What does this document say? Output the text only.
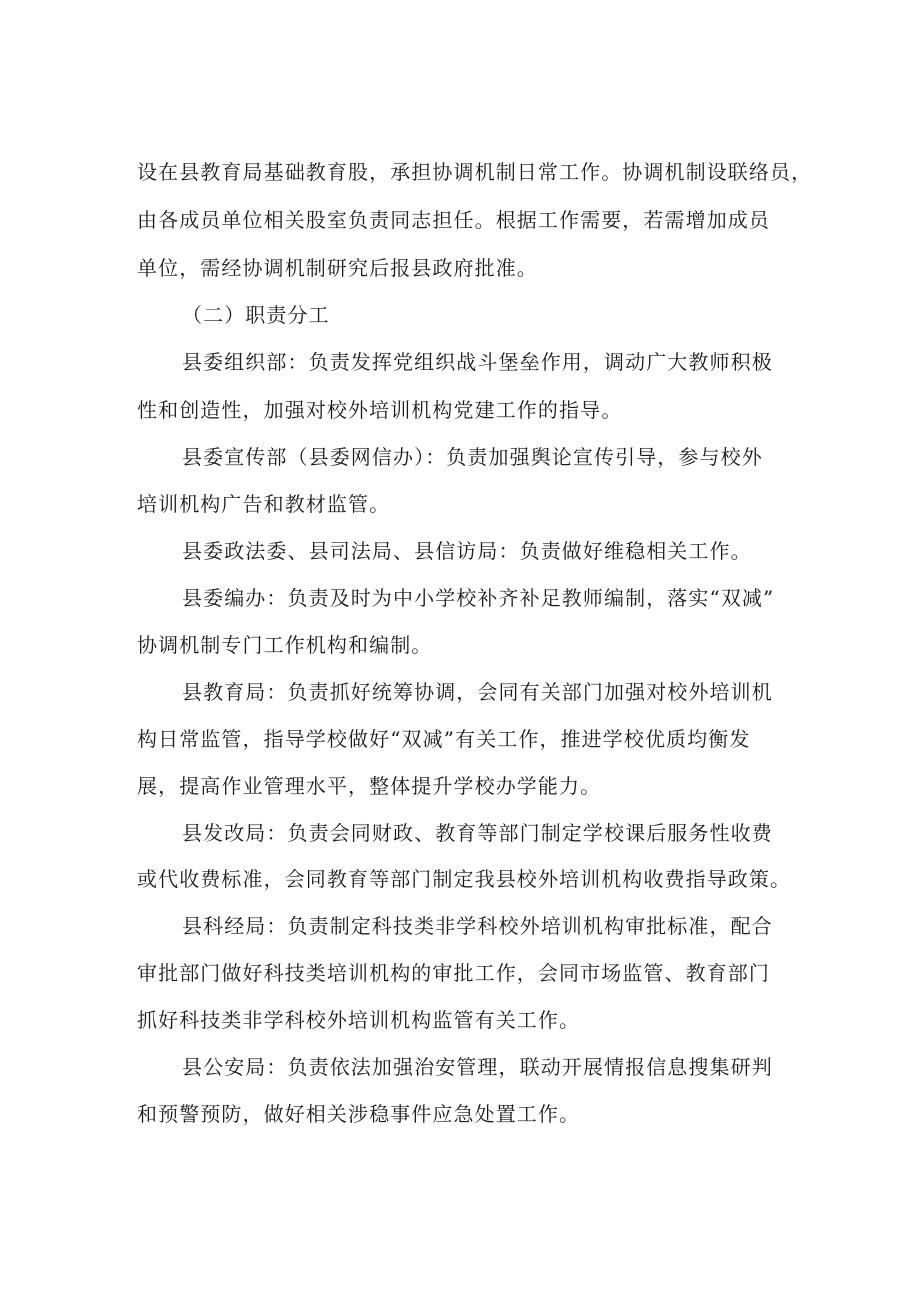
设在县教育局基础教育股，承担协调机制日常工作。协调机制设联络员，
由各成员单位相关股室负责同志担任。根据工作需要，若需增加成员
单位，需经协调机制研究后报县政府批准。
（二）职责分工
县委组织部：负责发挥党组织战斗堡垒作用，调动广大教师积极
性和创造性，加强对校外培训机构党建工作的指导。
县委宣传部（县委网信办）：负责加强舆论宣传引导，参与校外
培训机构广告和教材监管。
县委政法委、县司法局、县信访局：负责做好维稳相关工作。
县委编办：负责及时为中小学校补齐补足教师编制，落实“双减”
协调机制专门工作机构和编制。
县教育局：负责抓好统筹协调，会同有关部门加强对校外培训机
构日常监管，指导学校做好“双减”有关工作，推进学校优质均衡发
展，提高作业管理水平，整体提升学校办学能力。
县发改局：负责会同财政、教育等部门制定学校课后服务性收费
或代收费标准，会同教育等部门制定我县校外培训机构收费指导政策。
县科经局：负责制定科技类非学科校外培训机构审批标准，配合
审批部门做好科技类培训机构的审批工作，会同市场监管、教育部门
抓好科技类非学科校外培训机构监管有关工作。
县公安局：负责依法加强治安管理，联动开展情报信息搜集研判
和预警预防，做好相关涉稳事件应急处置工作。
